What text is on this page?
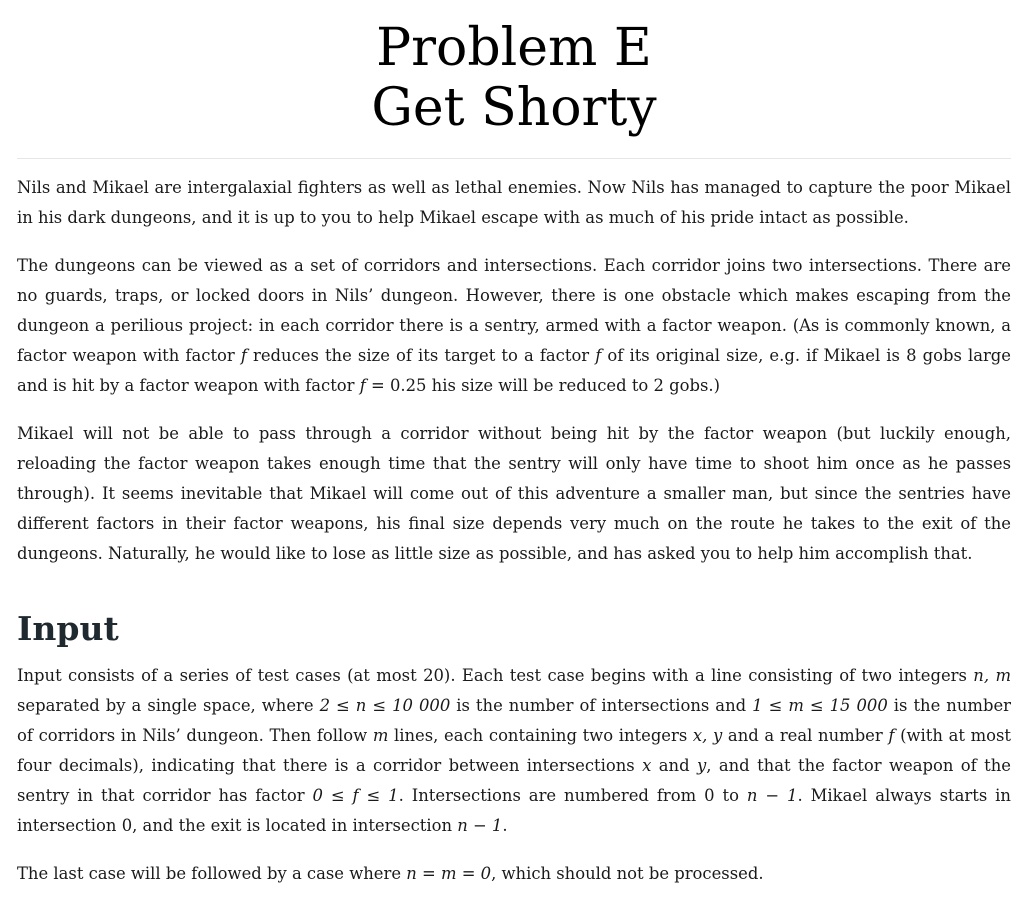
Problem E
Get Shorty

Nils and Mikael are intergalaxial fighters as well as lethal enemies. Now Nils has managed to capture the poor Mikael in his dark dungeons, and it is up to you to help Mikael escape with as much of his pride intact as possible.

The dungeons can be viewed as a set of corridors and intersections. Each corridor joins two intersections. There are no guards, traps, or locked doors in Nils’ dungeon. However, there is one obstacle which makes escaping from the dungeon a perilious project: in each corridor there is a sentry, armed with a factor weapon. (As is commonly known, a factor weapon with factor f reduces the size of its target to a factor f of its original size, e.g. if Mikael is 8 gobs large and is hit by a factor weapon with factor f = 0.25 his size will be reduced to 2 gobs.)

Mikael will not be able to pass through a corridor without being hit by the factor weapon (but luckily enough, reloading the factor weapon takes enough time that the sentry will only have time to shoot him once as he passes through). It seems inevitable that Mikael will come out of this adventure a smaller man, but since the sentries have different factors in their factor weapons, his final size depends very much on the route he takes to the exit of the dungeons. Naturally, he would like to lose as little size as possible, and has asked you to help him accomplish that.

Input

Input consists of a series of test cases (at most 20). Each test case begins with a line consisting of two integers n, m separated by a single space, where 2 ≤ n ≤ 10 000 is the number of intersections and 1 ≤ m ≤ 15 000 is the number of corridors in Nils’ dungeon. Then follow m lines, each containing two integers x, y and a real number f (with at most four decimals), indicating that there is a corridor between intersections x and y, and that the factor weapon of the sentry in that corridor has factor 0 ≤ f ≤ 1. Intersections are numbered from 0 to n − 1. Mikael always starts in intersection 0, and the exit is located in intersection n − 1.

The last case will be followed by a case where n = m = 0, which should not be processed.
